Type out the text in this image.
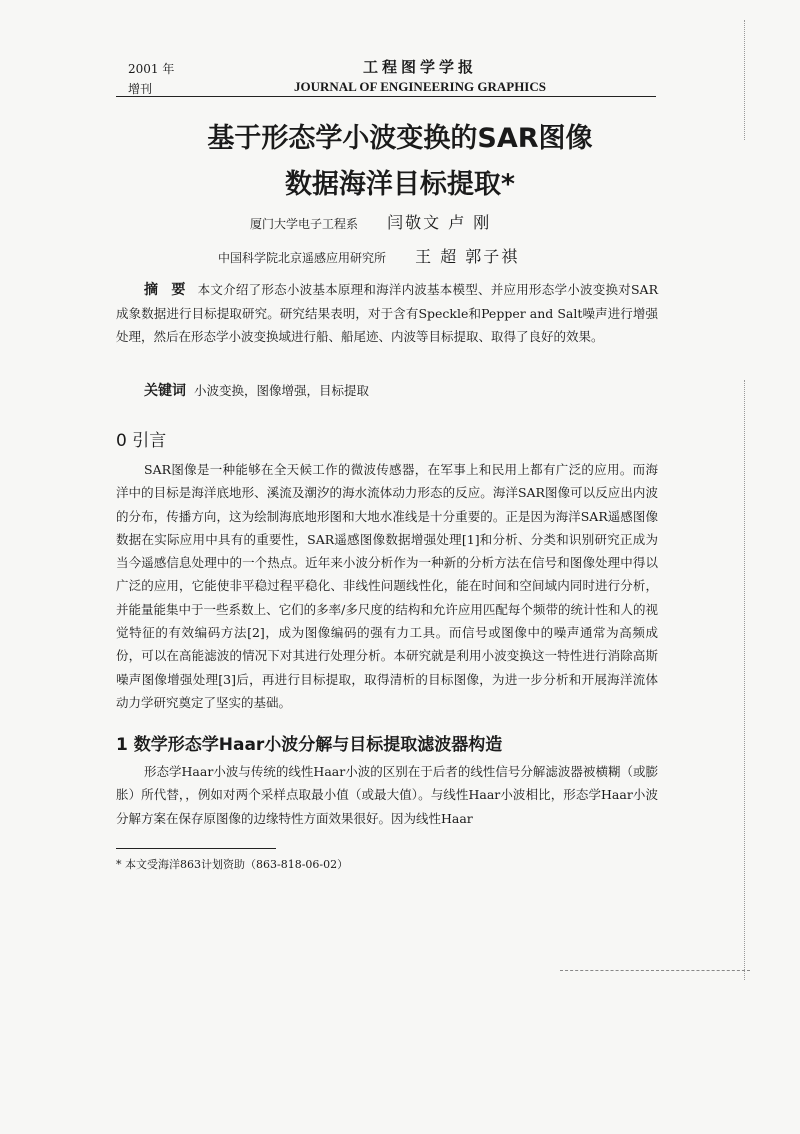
2001 年
增刊
工程图学学报
JOURNAL OF ENGINEERING GRAPHICS
基于形态学小波变换的SAR图像
数据海洋目标提取*
厦门大学电子工程系 闫敬文 卢 刚
中国科学院北京遥感应用研究所 王 超 郭子祺
摘 要 本文介绍了形态小波基本原理和海洋内波基本模型、并应用形态学小波变换对SAR成象数据进行目标提取研究。研究结果表明，对于含有Speckle和Pepper and Salt噪声进行增强处理，然后在形态学小波变换域进行船、船尾迹、内波等目标提取、取得了良好的效果。
关键词 小波变换，图像增强，目标提取
0 引言
SAR图像是一种能够在全天候工作的微波传感器，在军事上和民用上都有广泛的应用。而海洋中的目标是海洋底地形、溪流及潮汐的海水流体动力形态的反应。海洋SAR图像可以反应出内波的分布，传播方向，这为绘制海底地形图和大地水准线是十分重要的。正是因为海洋SAR遥感图像数据在实际应用中具有的重要性，SAR遥感图像数据增强处理[1]和分析、分类和识别研究正成为当今遥感信息处理中的一个热点。近年来小波分析作为一种新的分析方法在信号和图像处理中得以广泛的应用，它能使非平稳过程平稳化、非线性问题线性化，能在时间和空间域内同时进行分析，并能量能集中于一些系数上、它们的多率/多尺度的结构和允许应用匹配每个频带的统计性和人的视觉特征的有效编码方法[2]，成为图像编码的强有力工具。而信号或图像中的噪声通常为高频成份，可以在高能滤波的情况下对其进行处理分析。本研究就是利用小波变换这一特性进行消除高斯噪声图像增强处理[3]后，再进行目标提取，取得清析的目标图像，为进一步分析和开展海洋流体动力学研究奠定了坚实的基础。
1 数学形态学Haar小波分解与目标提取滤波器构造
形态学Haar小波与传统的线性Haar小波的区别在于后者的线性信号分解滤波器被横糊（或膨胀）所代替，，例如对两个采样点取最小值（或最大值）。与线性Haar小波相比，形态学Haar小波分解方案在保存原图像的边缘特性方面效果很好。因为线性Haar
* 本文受海洋863计划资助（863-818-06-02）
